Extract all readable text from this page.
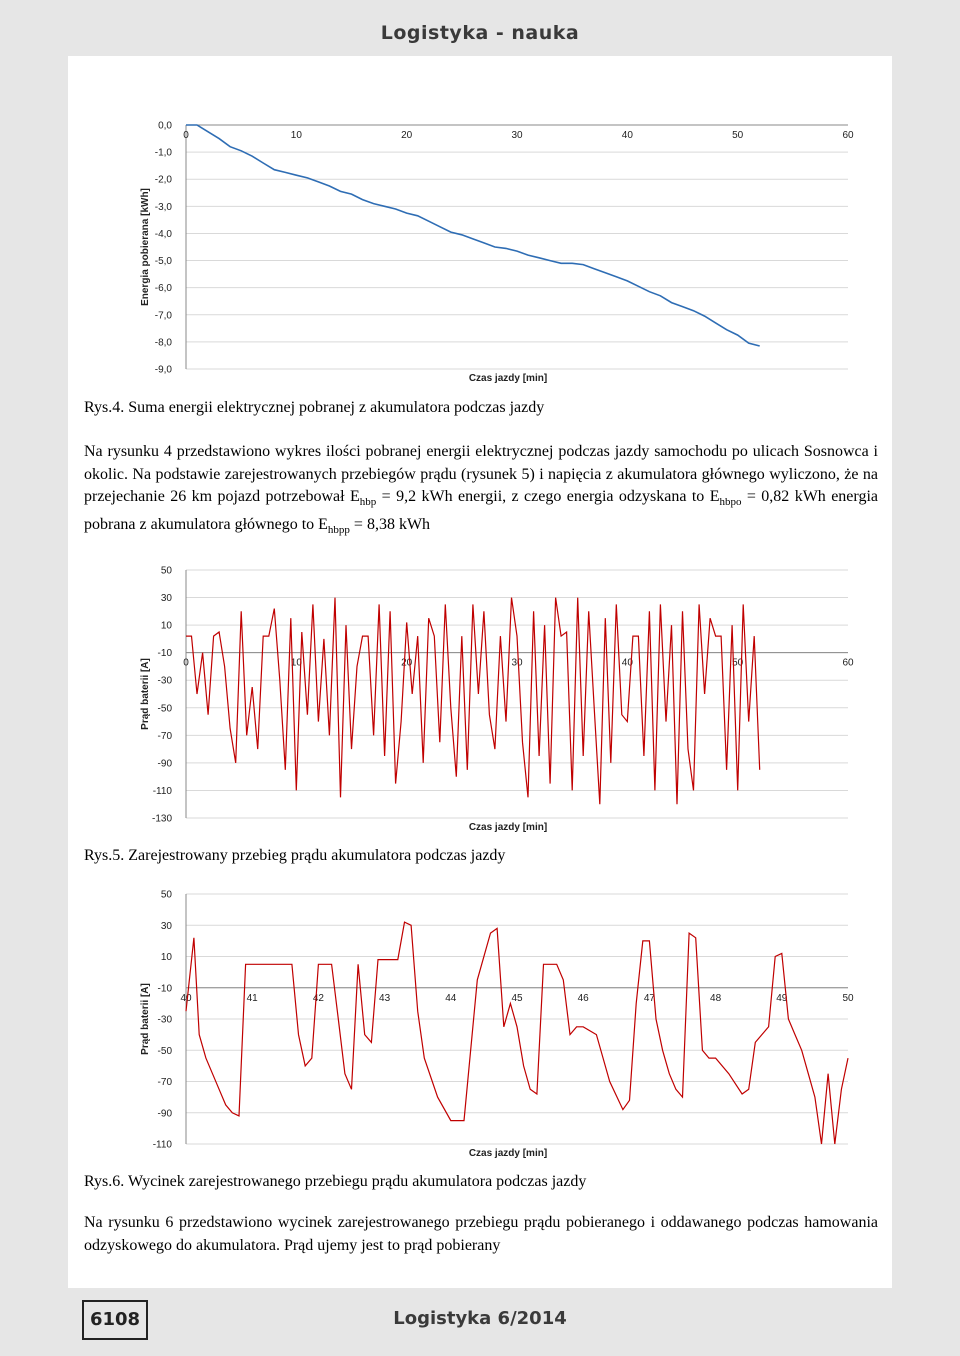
Logistyka - nauka
0,0
-1,0
-2,0
-3,0
-4,0
-5,0
-6,0
-7,0
-8,0
-9,0
0	10	20	30	40	50	60
Czas jazdy [min]
Energia pobierana [kWh]
Rys.4. Suma energii elektrycznej pobranej z akumulatora podczas jazdy
Na rysunku 4 przedstawiono wykres ilości pobranej energii elektrycznej podczas jazdy samochodu po ulicach Sosnowca i okolic. Na podstawie zarejestrowanych przebiegów prądu (rysunek 5) i napięcia z akumulatora głównego wyliczono, że na przejechanie 26 km pojazd potrzebował $E_{hbp} = 9,2$ kWh energii, z czego energia odzyskana to $E_{hbpo} = 0,82$ kWh energia pobrana z akumulatora głównego to $E_{hbpp} = 8,38$ kWh
50
30
10
-10
-30
-50
-70
-90
-110
-130
0	10	20	30	40	50	60
Czas jazdy [min]
Prąd baterii [A]
Rys.5. Zarejestrowany przebieg prądu akumulatora podczas jazdy
50
30
10
-10
-30
-50
-70
-90
-110
40	41	42	43	44	45	46	47	48	49	50
Czas jazdy [min]
Prąd baterii [A]
Rys.6. Wycinek zarejestrowanego przebiegu prądu akumulatora podczas jazdy
Na rysunku 6 przedstawiono wycinek zarejestrowanego przebiegu prądu pobieranego i oddawanego podczas hamowania odzyskowego do akumulatora. Prąd ujemy jest to prąd pobierany
6108	Logistyka 6/2014
